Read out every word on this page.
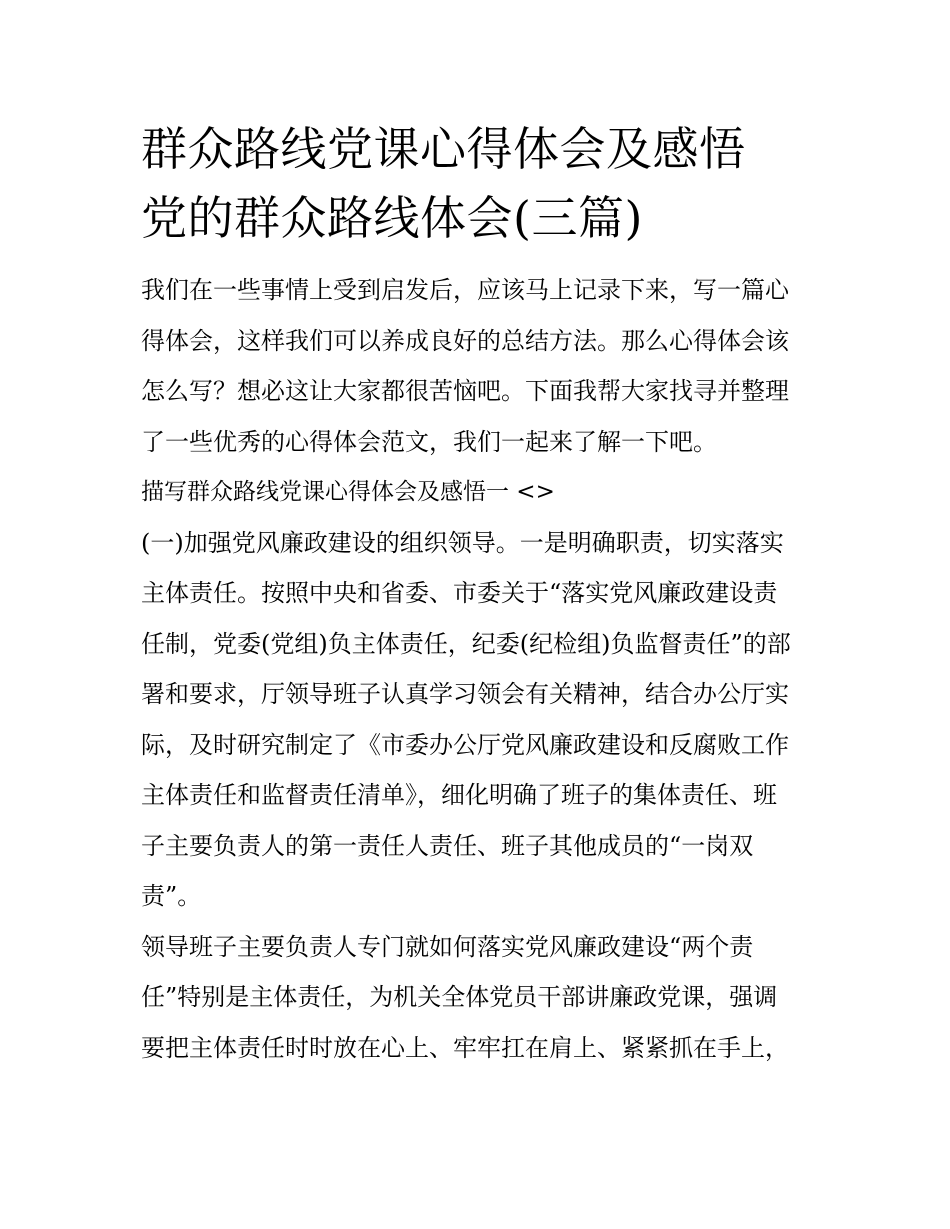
群众路线党课心得体会及感悟
党的群众路线体会(三篇)
我们在一些事情上受到启发后，应该马上记录下来，写一篇心
得体会，这样我们可以养成良好的总结方法。那么心得体会该
怎么写？想必这让大家都很苦恼吧。下面我帮大家找寻并整理
了一些优秀的心得体会范文，我们一起来了解一下吧。
描写群众路线党课心得体会及感悟一 <>
(一)加强党风廉政建设的组织领导。一是明确职责，切实落实
主体责任。按照中央和省委、市委关于“落实党风廉政建设责
任制，党委(党组)负主体责任，纪委(纪检组)负监督责任”的部
署和要求，厅领导班子认真学习领会有关精神，结合办公厅实
际，及时研究制定了《市委办公厅党风廉政建设和反腐败工作
主体责任和监督责任清单》，细化明确了班子的集体责任、班
子主要负责人的第一责任人责任、班子其他成员的“一岗双
责”。
领导班子主要负责人专门就如何落实党风廉政建设“两个责
任”特别是主体责任，为机关全体党员干部讲廉政党课，强调
要把主体责任时时放在心上、牢牢扛在肩上、紧紧抓在手上，
